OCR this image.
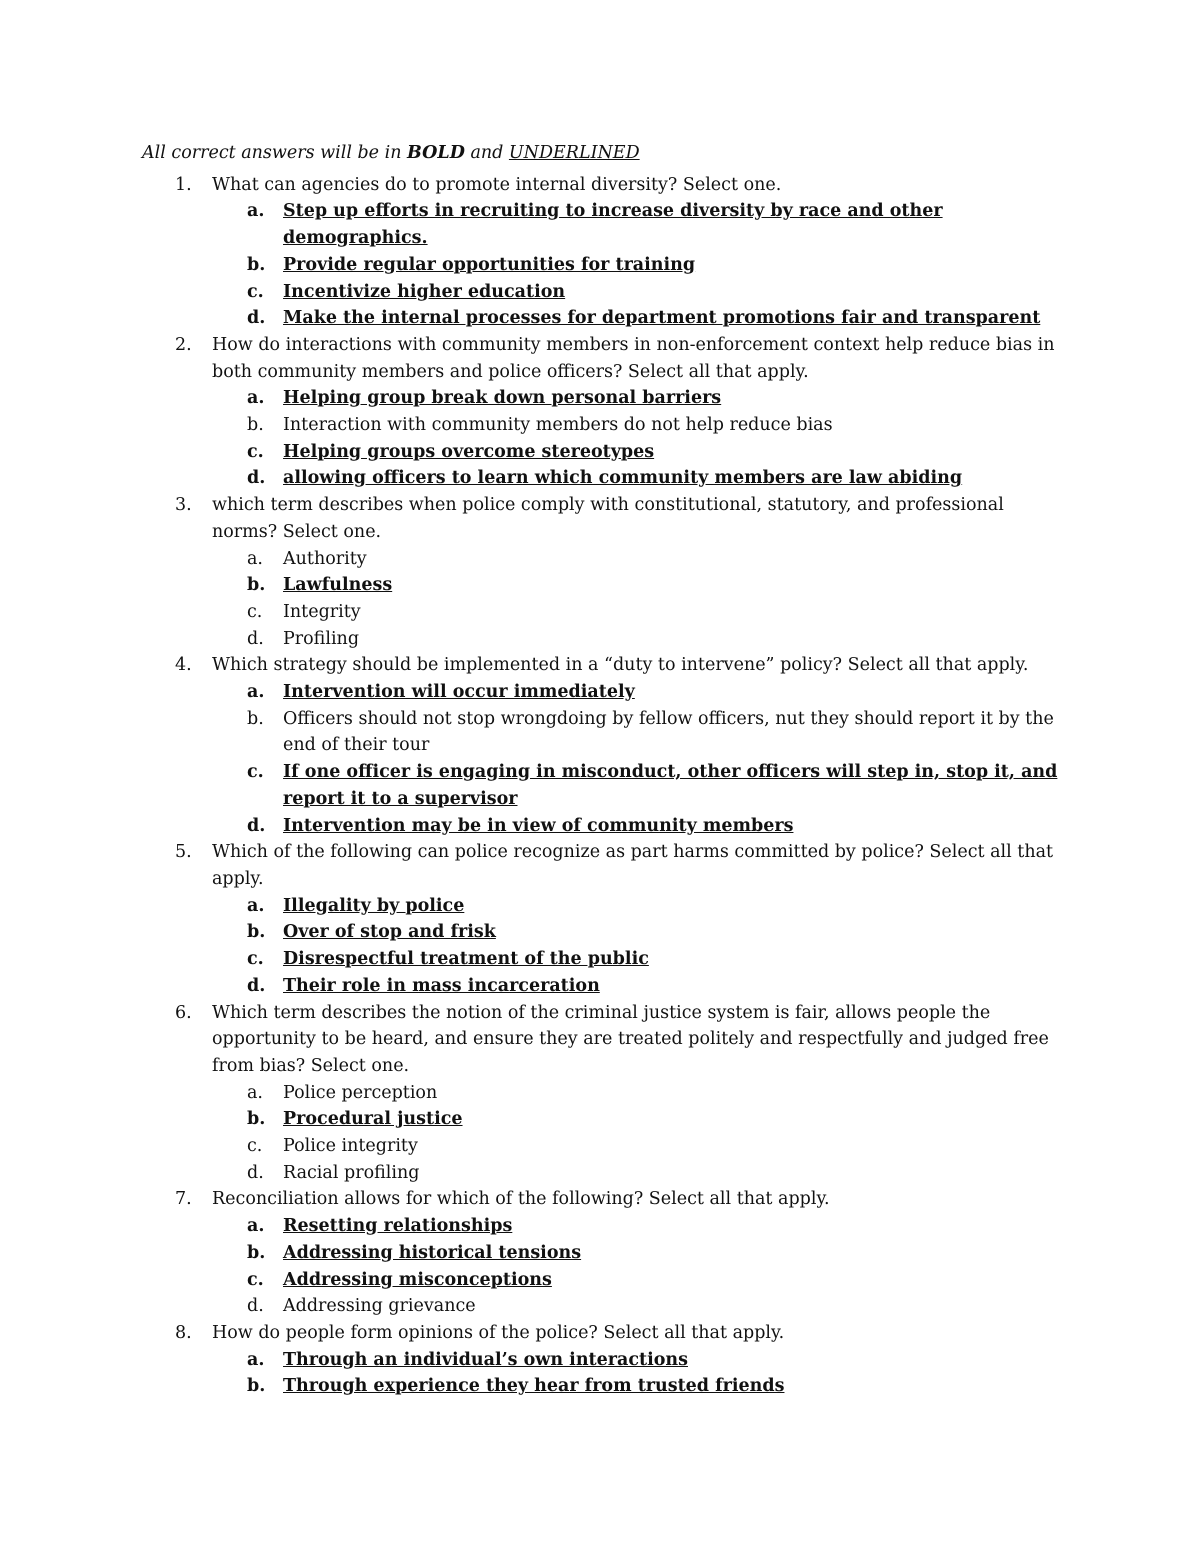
All correct answers will be in BOLD and UNDERLINED

1.	What can agencies do to promote internal diversity? Select one.
a.	Step up efforts in recruiting to increase diversity by race and other demographics.
b.	Provide regular opportunities for training
c.	Incentivize higher education
d.	Make the internal processes for department promotions fair and transparent
2.	How do interactions with community members in non-enforcement context help reduce bias in both community members and police officers? Select all that apply.
a.	Helping group break down personal barriers
b.	Interaction with community members do not help reduce bias
c.	Helping groups overcome stereotypes
d.	allowing officers to learn which community members are law abiding
3.	which term describes when police comply with constitutional, statutory, and professional norms? Select one.
a.	Authority
b.	Lawfulness
c.	Integrity
d.	Profiling
4.	Which strategy should be implemented in a “duty to intervene” policy? Select all that apply.
a.	Intervention will occur immediately
b.	Officers should not stop wrongdoing by fellow officers, nut they should report it by the end of their tour
c.	If one officer is engaging in misconduct, other officers will step in, stop it, and report it to a supervisor
d.	Intervention may be in view of community members
5.	Which of the following can police recognize as part harms committed by police? Select all that apply.
a.	Illegality by police
b.	Over of stop and frisk
c.	Disrespectful treatment of the public
d.	Their role in mass incarceration
6.	Which term describes the notion of the criminal justice system is fair, allows people the opportunity to be heard, and ensure they are treated politely and respectfully and judged free from bias? Select one.
a.	Police perception
b.	Procedural justice
c.	Police integrity
d.	Racial profiling
7.	Reconciliation allows for which of the following? Select all that apply.
a.	Resetting relationships
b.	Addressing historical tensions
c.	Addressing misconceptions
d.	Addressing grievance
8.	How do people form opinions of the police? Select all that apply.
a.	Through an individual’s own interactions
b.	Through experience they hear from trusted friends
